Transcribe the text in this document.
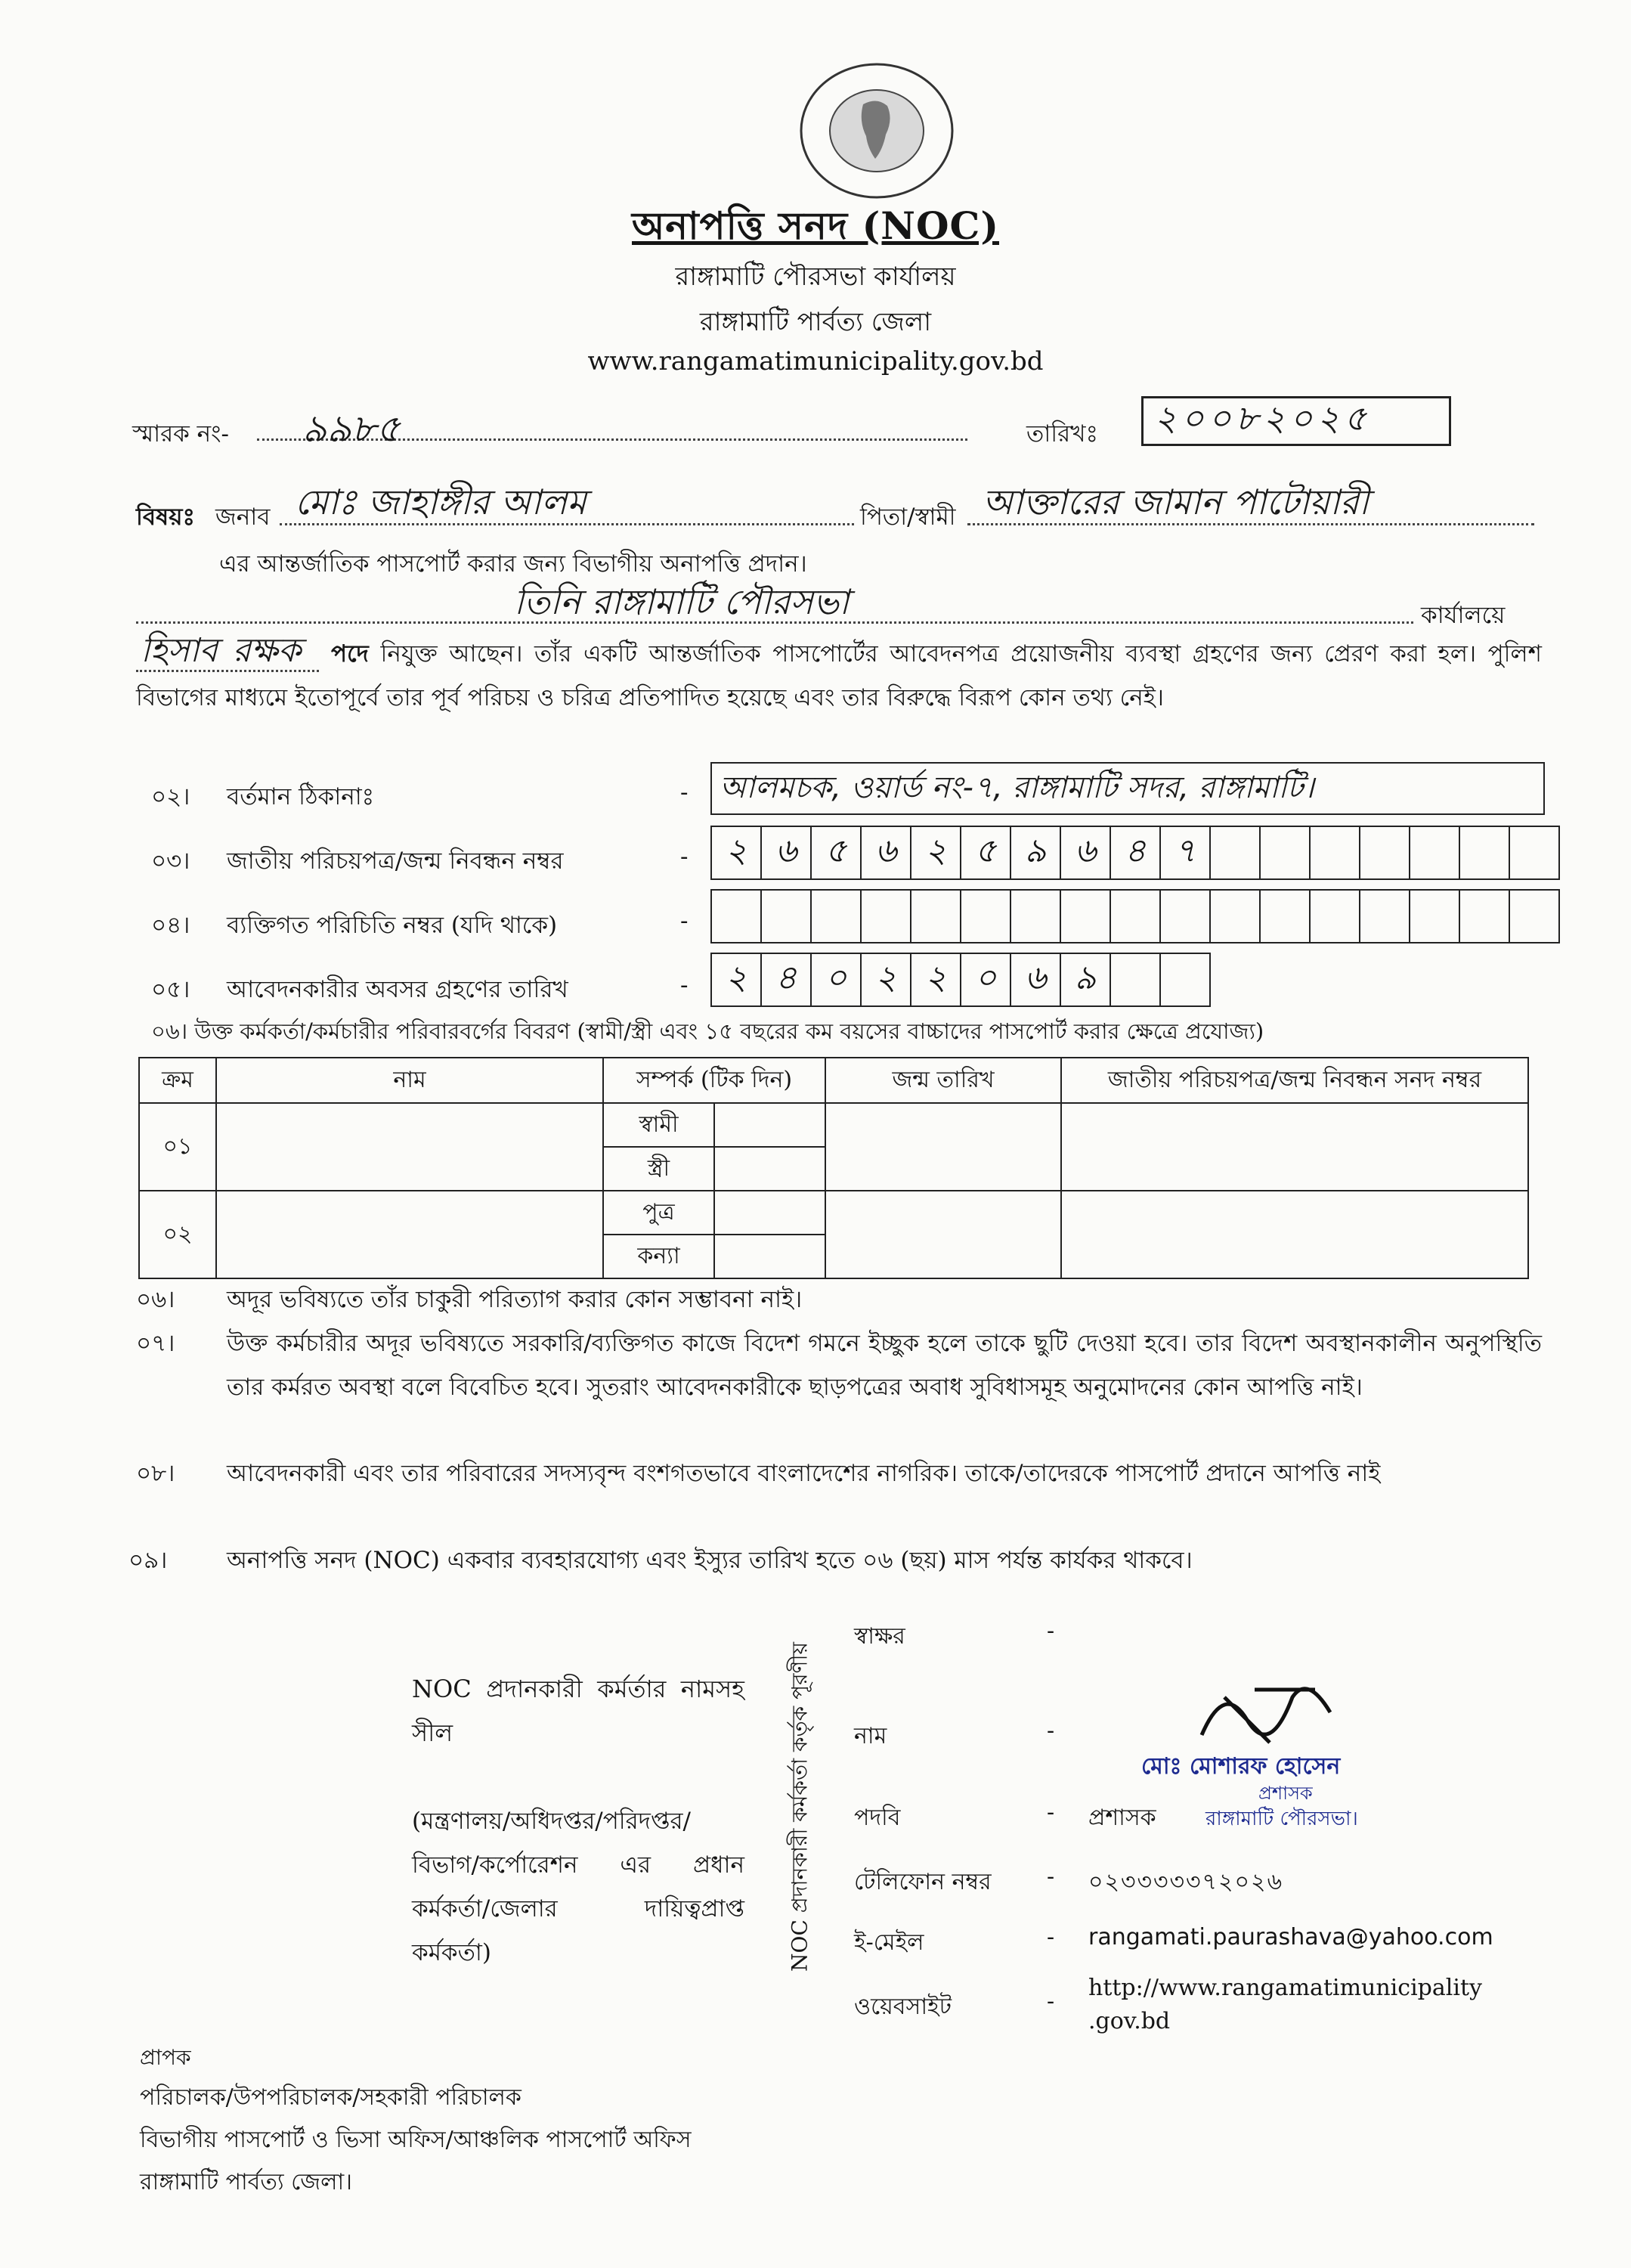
অনাপত্তি সনদ (NOC)
রাঙ্গামাটি পৌরসভা কার্যালয়
রাঙ্গামাটি পার্বত্য জেলা
www.rangamatimunicipality.gov.bd
স্মারক নং-	৯৯৮৫	তারিখঃ ২০০৮২০২৫
বিষয়ঃ জনাব মোঃ জাহাঙ্গীর আলম	পিতা/স্বামী আক্তারের জামান পাটোয়ারী
এর আন্তর্জাতিক পাসপোর্ট করার জন্য বিভাগীয় অনাপত্তি প্রদান।
তিনি রাঙ্গামাটি পৌরসভা	কার্যালয়ে
হিসাব রক্ষক পদে নিযুক্ত আছেন। তাঁর একটি আন্তর্জাতিক পাসপোর্টের আবেদনপত্র প্রয়োজনীয় ব্যবস্থা গ্রহণের জন্য প্রেরণ করা হল। পুলিশ বিভাগের মাধ্যমে ইতোপূর্বে তার পূর্ব পরিচয় ও চরিত্র প্রতিপাদিত হয়েছে এবং তার বিরুদ্ধে বিরূপ কোন তথ্য নেই।
০২। বর্তমান ঠিকানাঃ	- আলমচক, ওয়ার্ড নং-৭, রাঙ্গামাটি সদর, রাঙ্গামাটি।
০৩। জাতীয় পরিচয়পত্র/জন্ম নিবন্ধন নম্বর	-	২ ৬ ৫ ৬ ২ ৫ ৯ ৬ ৪ ৭
০৪। ব্যক্তিগত পরিচিতি নম্বর (যদি থাকে)	-
০৫। আবেদনকারীর অবসর গ্রহণের তারিখ	-	২ ৪ ০ ২ ২ ০ ৬ ৯
০৬। উক্ত কর্মকর্তা/কর্মচারীর পরিবারবর্গের বিবরণ (স্বামী/স্ত্রী এবং ১৫ বছরের কম বয়সের বাচ্চাদের পাসপোর্ট করার ক্ষেত্রে প্রযোজ্য)
ক্রম	নাম	সম্পর্ক (টিক দিন)		জন্ম তারিখ	জাতীয় পরিচয়পত্র/জন্ম নিবন্ধন সনদ নম্বর
০১		স্বামী			
		স্ত্রী			
০২		পুত্র			
		কন্যা			
০৬।	অদূর ভবিষ্যতে তাঁর চাকুরী পরিত্যাগ করার কোন সম্ভাবনা নাই।
০৭।	উক্ত কর্মচারীর অদূর ভবিষ্যতে সরকারি/ব্যক্তিগত কাজে বিদেশ গমনে ইচ্ছুক হলে তাকে ছুটি দেওয়া হবে। তার বিদেশ অবস্থানকালীন অনুপস্থিতি তার কর্মরত অবস্থা বলে বিবেচিত হবে। সুতরাং আবেদনকারীকে ছাড়পত্রের অবাধ সুবিধাসমূহ অনুমোদনের কোন আপত্তি নাই।
০৮।	আবেদনকারী এবং তার পরিবারের সদস্যবৃন্দ বংশগতভাবে বাংলাদেশের নাগরিক। তাকে/তাদেরকে পাসপোর্ট প্রদানে আপত্তি নাই
০৯।	অনাপত্তি সনদ (NOC) একবার ব্যবহারযোগ্য এবং ইস্যুর তারিখ হতে ০৬ (ছয়) মাস পর্যন্ত কার্যকর থাকবে।
NOC প্রদানকারী কর্মর্তার নামসহ সীল
(মন্ত্রণালয়/অধিদপ্তর/পরিদপ্তর/বিভাগ/কর্পোরেশন এর প্রধান কর্মকর্তা/জেলার দায়িত্বপ্রাপ্ত কর্মকর্তা)	NOC প্রদানকারী কর্মকর্তা কর্তৃক পূরণীয়
স্বাক্ষর	-
নাম	-
পদবি	- প্রশাসক
টেলিফোন নম্বর - ০২৩৩৩৩৩৭২০২৬
ই-মেইল	- rangamati.paurashava@yahoo.com
ওয়েবসাইট	-
http://www.rangamatimunicipality .gov.bd
মোঃ মোশারফ হোসেন
প্রশাসক
রাঙ্গামাটি পৌরসভা।
প্রাপক
পরিচালক/উপপরিচালক/সহকারী পরিচালক
বিভাগীয় পাসপোর্ট ও ভিসা অফিস/আঞ্চলিক পাসপোর্ট অফিস
রাঙ্গামাটি পার্বত্য জেলা।
